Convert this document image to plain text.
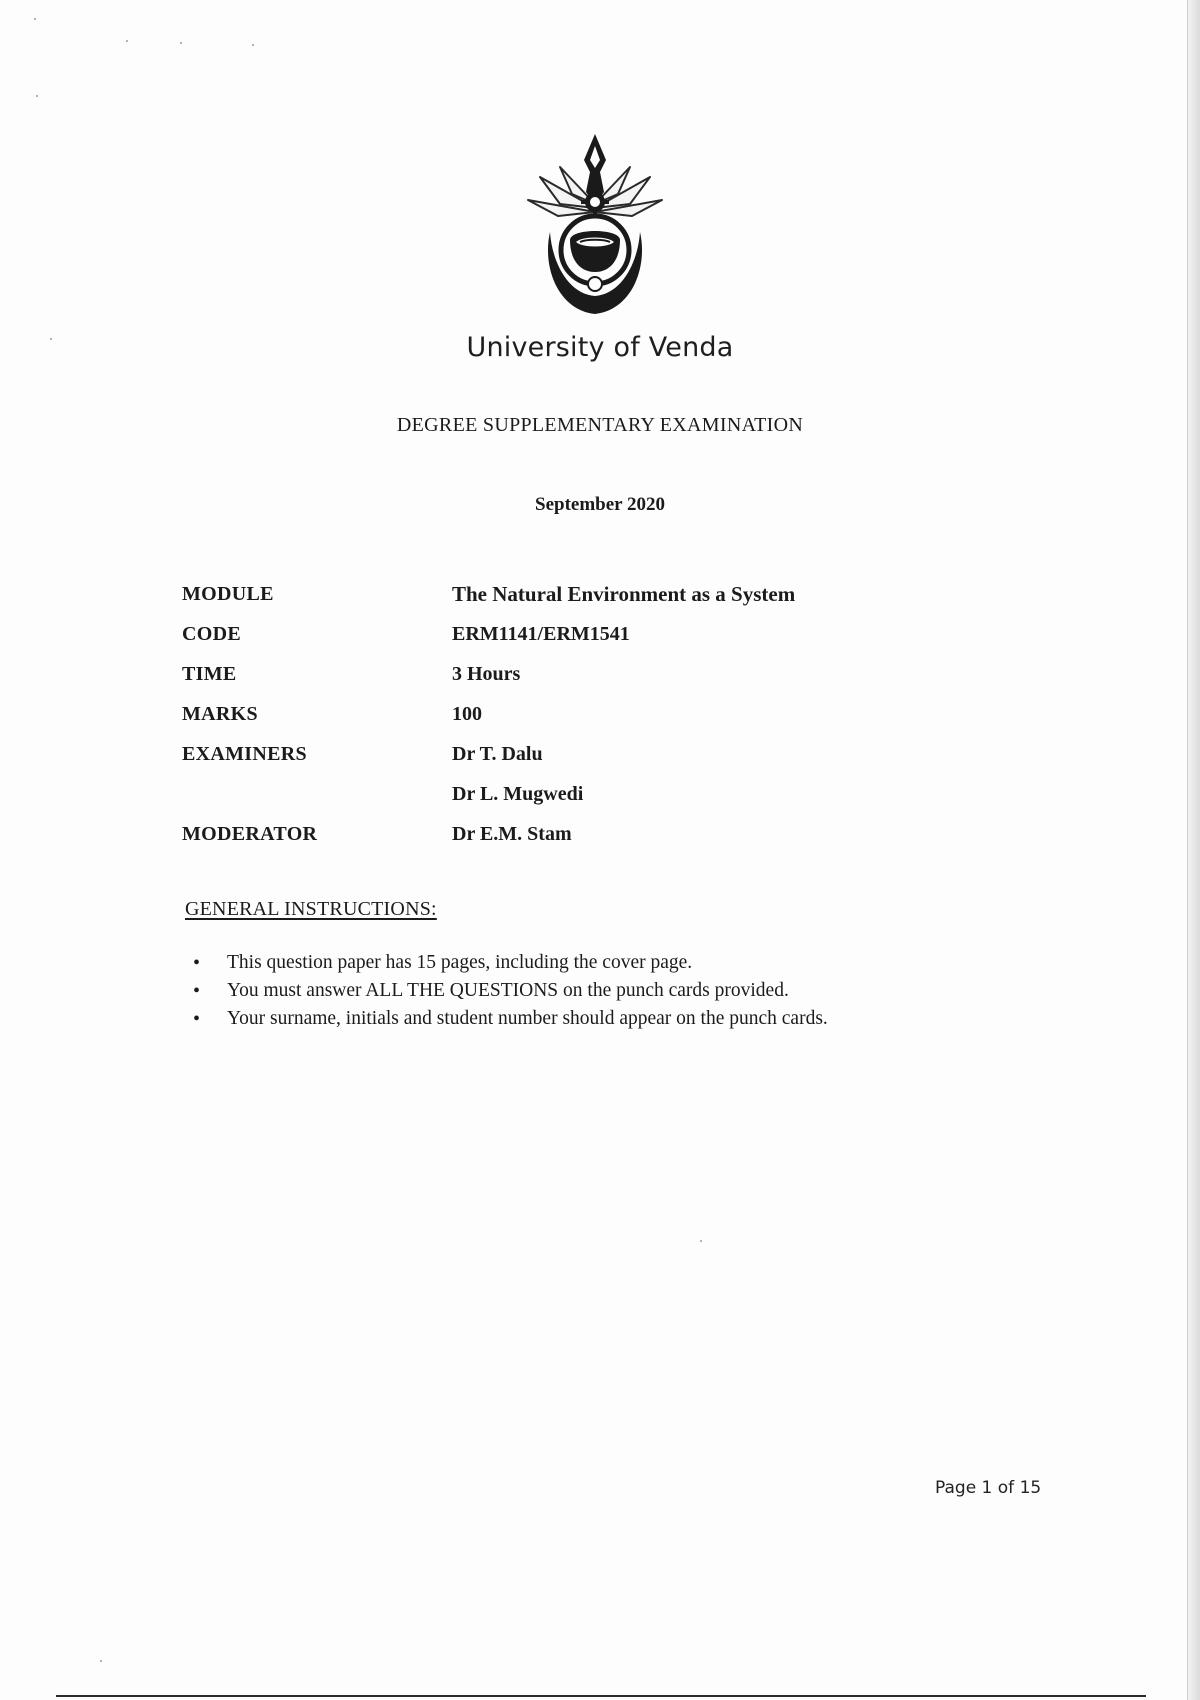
University of Venda
DEGREE SUPPLEMENTARY EXAMINATION
September 2020
MODULE	The Natural Environment as a System
CODE	ERM1141/ERM1541
TIME	3 Hours
MARKS	100
EXAMINERS	Dr T. Dalu
Dr L. Mugwedi
MODERATOR	Dr E.M. Stam
GENERAL INSTRUCTIONS:
• This question paper has 15 pages, including the cover page.
• You must answer ALL THE QUESTIONS on the punch cards provided.
• Your surname, initials and student number should appear on the punch cards.
Page 1 of 15
